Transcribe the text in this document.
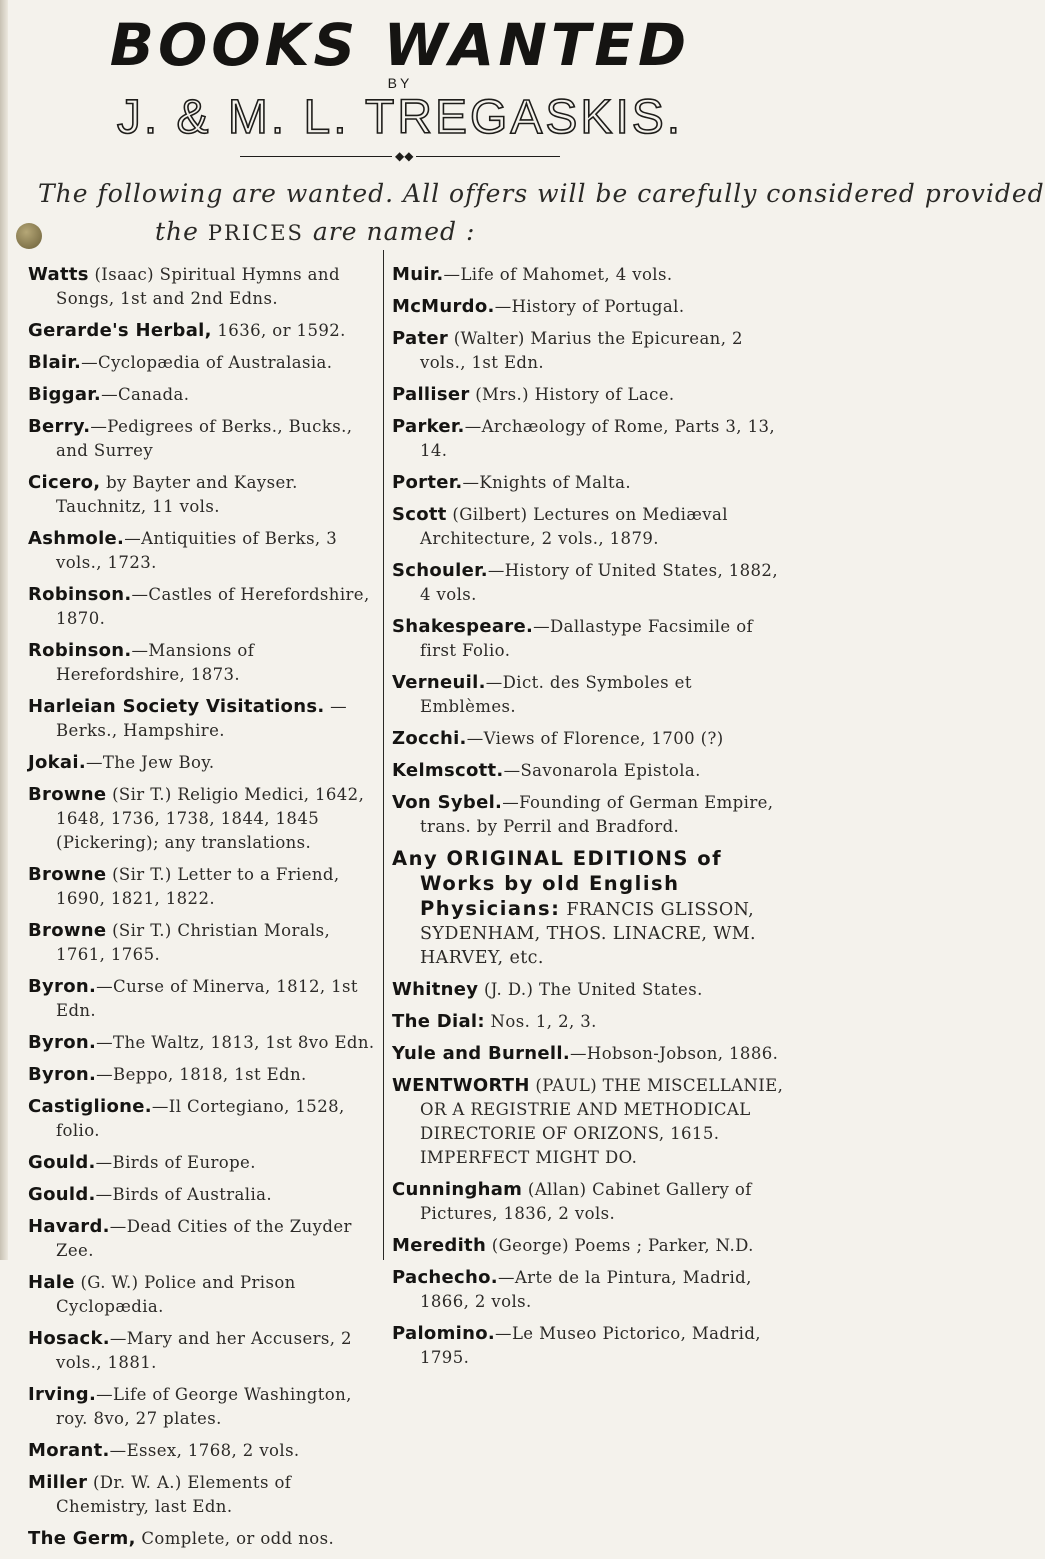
BOOKS WANTED
BY
J. & M. L. TREGASKIS.
◆◆
The following are wanted. All offers will be carefully considered provided
the PRICES are named :
Watts (Isaac) Spiritual Hymns and Songs, 1st and 2nd Edns.
Gerarde's Herbal, 1636, or 1592.
Blair.—Cyclopædia of Australasia.
Biggar.—Canada.
Berry.—Pedigrees of Berks., Bucks., and Surrey
Cicero, by Bayter and Kayser. Tauchnitz, 11 vols.
Ashmole.—Antiquities of Berks, 3 vols., 1723.
Robinson.—Castles of Herefordshire, 1870.
Robinson.—Mansions of Herefordshire, 1873.
Harleian Society Visitations. — Berks., Hampshire.
Jokai.—The Jew Boy.
Browne (Sir T.) Religio Medici, 1642, 1648, 1736, 1738, 1844, 1845 (Pickering); any translations.
Browne (Sir T.) Letter to a Friend, 1690, 1821, 1822.
Browne (Sir T.) Christian Morals, 1761, 1765.
Byron.—Curse of Minerva, 1812, 1st Edn.
Byron.—The Waltz, 1813, 1st 8vo Edn.
Byron.—Beppo, 1818, 1st Edn.
Castiglione.—Il Cortegiano, 1528, folio.
Gould.—Birds of Europe.
Gould.—Birds of Australia.
Havard.—Dead Cities of the Zuyder Zee.
Hale (G. W.) Police and Prison Cyclopædia.
Hosack.—Mary and her Accusers, 2 vols., 1881.
Irving.—Life of George Washington, roy. 8vo, 27 plates.
Morant.—Essex, 1768, 2 vols.
Miller (Dr. W. A.) Elements of Chemistry, last Edn.
The Germ, Complete, or odd nos.
Muir.—Life of Mahomet, 4 vols.
McMurdo.—History of Portugal.
Pater (Walter) Marius the Epicurean, 2 vols., 1st Edn.
Palliser (Mrs.) History of Lace.
Parker.—Archæology of Rome, Parts 3, 13, 14.
Porter.—Knights of Malta.
Scott (Gilbert) Lectures on Mediæval Architecture, 2 vols., 1879.
Schouler.—History of United States, 1882, 4 vols.
Shakespeare.—Dallastype Facsimile of first Folio.
Verneuil.—Dict. des Symboles et Emblèmes.
Zocchi.—Views of Florence, 1700 (?)
Kelmscott.—Savonarola Epistola.
Von Sybel.—Founding of German Empire, trans. by Perril and Bradford.
Any ORIGINAL EDITIONS of Works by old English Physicians: FRANCIS GLISSON, SYDENHAM, THOS. LINACRE, WM. HARVEY, etc.
Whitney (J. D.) The United States.
The Dial: Nos. 1, 2, 3.
Yule and Burnell.—Hobson-Jobson, 1886.
WENTWORTH (PAUL) THE MISCELLANIE, OR A REGISTRIE AND METHODICAL DIRECTORIE OF ORIZONS, 1615. IMPERFECT MIGHT DO.
Cunningham (Allan) Cabinet Gallery of Pictures, 1836, 2 vols.
Meredith (George) Poems ; Parker, N.D.
Pachecho.—Arte de la Pintura, Madrid, 1866, 2 vols.
Palomino.—Le Museo Pictorico, Madrid, 1795.
